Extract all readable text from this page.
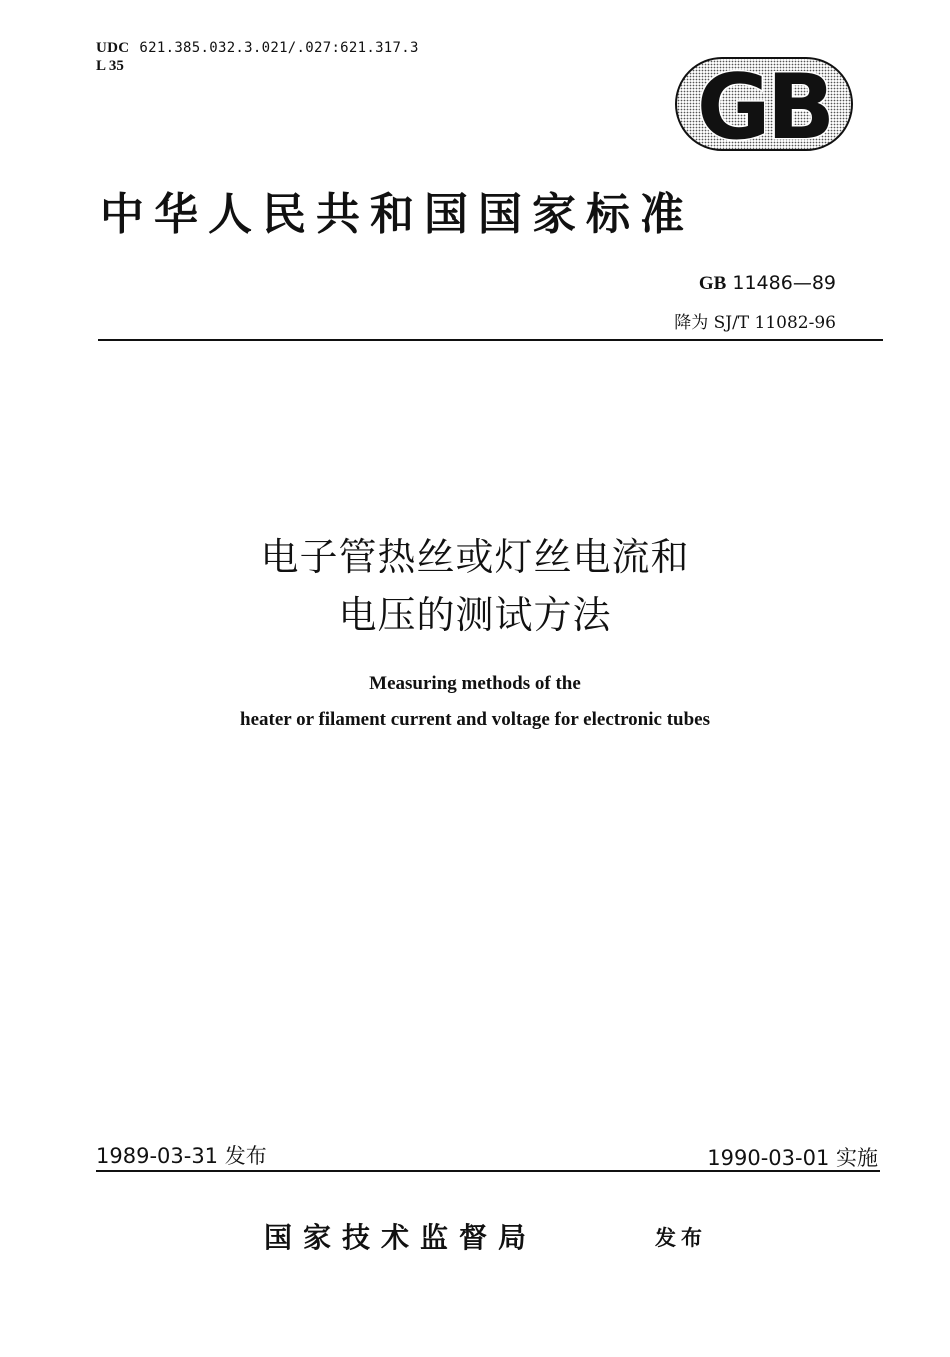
UDC 621.385.032.3.021/.027:621.317.3
L 35	GB
中华人民共和国国家标准
GB 11486—89
降为 SJ/T 11082-96
电子管热丝或灯丝电流和
电压的测试方法
Measuring methods of the
heater or filament current and voltage for electronic tubes
1989-03-31 发布	1990-03-01 实施
国家技术监督局	发布
